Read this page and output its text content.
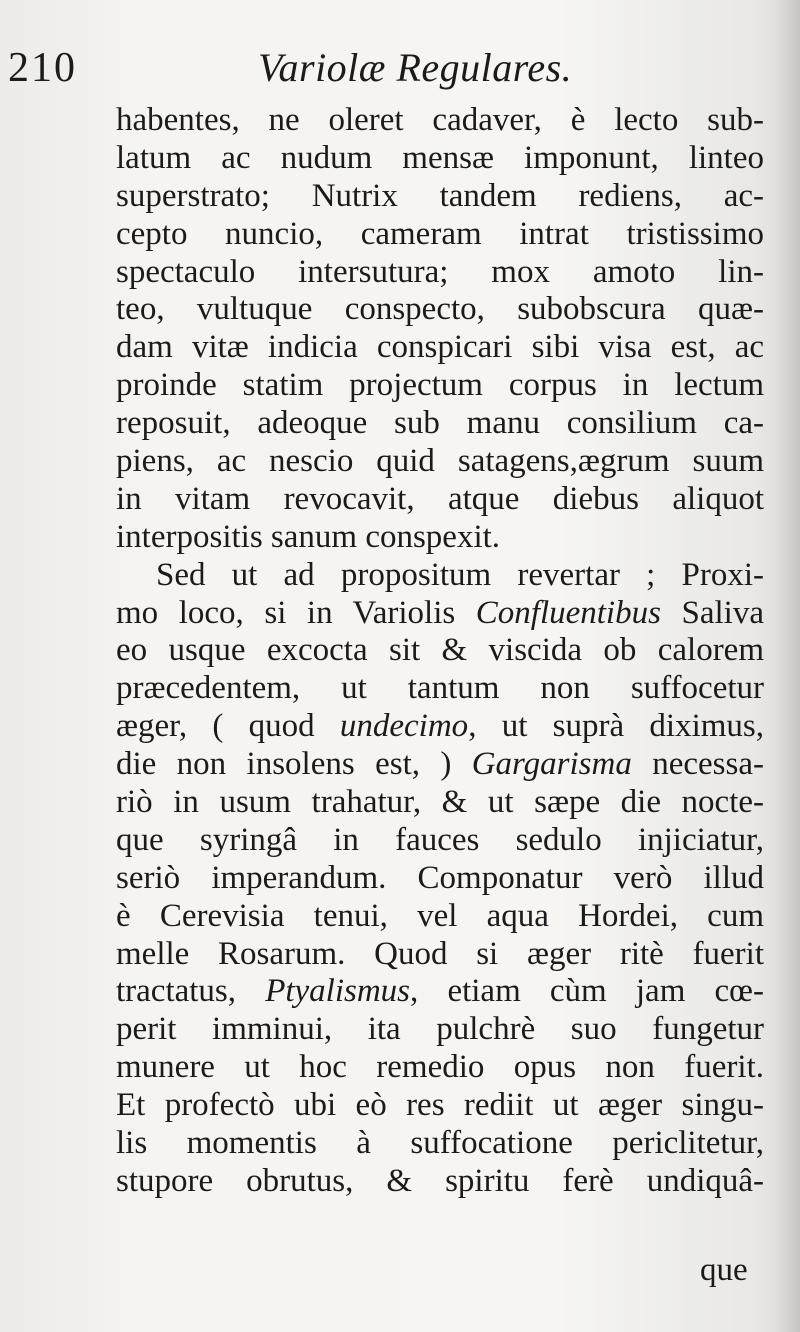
210	Variolæ Regulares.
habentes, ne oleret cadaver, è lecto sub-
latum ac nudum mensæ imponunt, linteo
superstrato; Nutrix tandem rediens, ac-
cepto nuncio, cameram intrat tristissimo
spectaculo intersutura; mox amoto lin-
teo, vultuque conspecto, subobscura quæ-
dam vitæ indicia conspicari sibi visa est, ac
proinde statim projectum corpus in lectum
reposuit, adeoque sub manu consilium ca-
piens, ac nescio quid satagens,ægrum suum
in vitam revocavit, atque diebus aliquot
interpositis sanum conspexit.
Sed ut ad propositum revertar ; Proxi-
mo loco, si in Variolis Confluentibus Saliva
eo usque excocta sit & viscida ob calorem
præcedentem, ut tantum non suffocetur
æger, ( quod undecimo, ut suprà diximus,
die non insolens est, ) Gargarisma necessa-
riò in usum trahatur, & ut sæpe die nocte-
que syringâ in fauces sedulo injiciatur,
seriò imperandum. Componatur verò illud
è Cerevisia tenui, vel aqua Hordei, cum
melle Rosarum. Quod si æger ritè fuerit
tractatus, Ptyalismus, etiam cùm jam cœ-
perit imminui, ita pulchrè suo fungetur
munere ut hoc remedio opus non fuerit.
Et profectò ubi eò res rediit ut æger singu-
lis momentis à suffocatione periclitetur,
stupore obrutus, & spiritu ferè undiquâ-
que
